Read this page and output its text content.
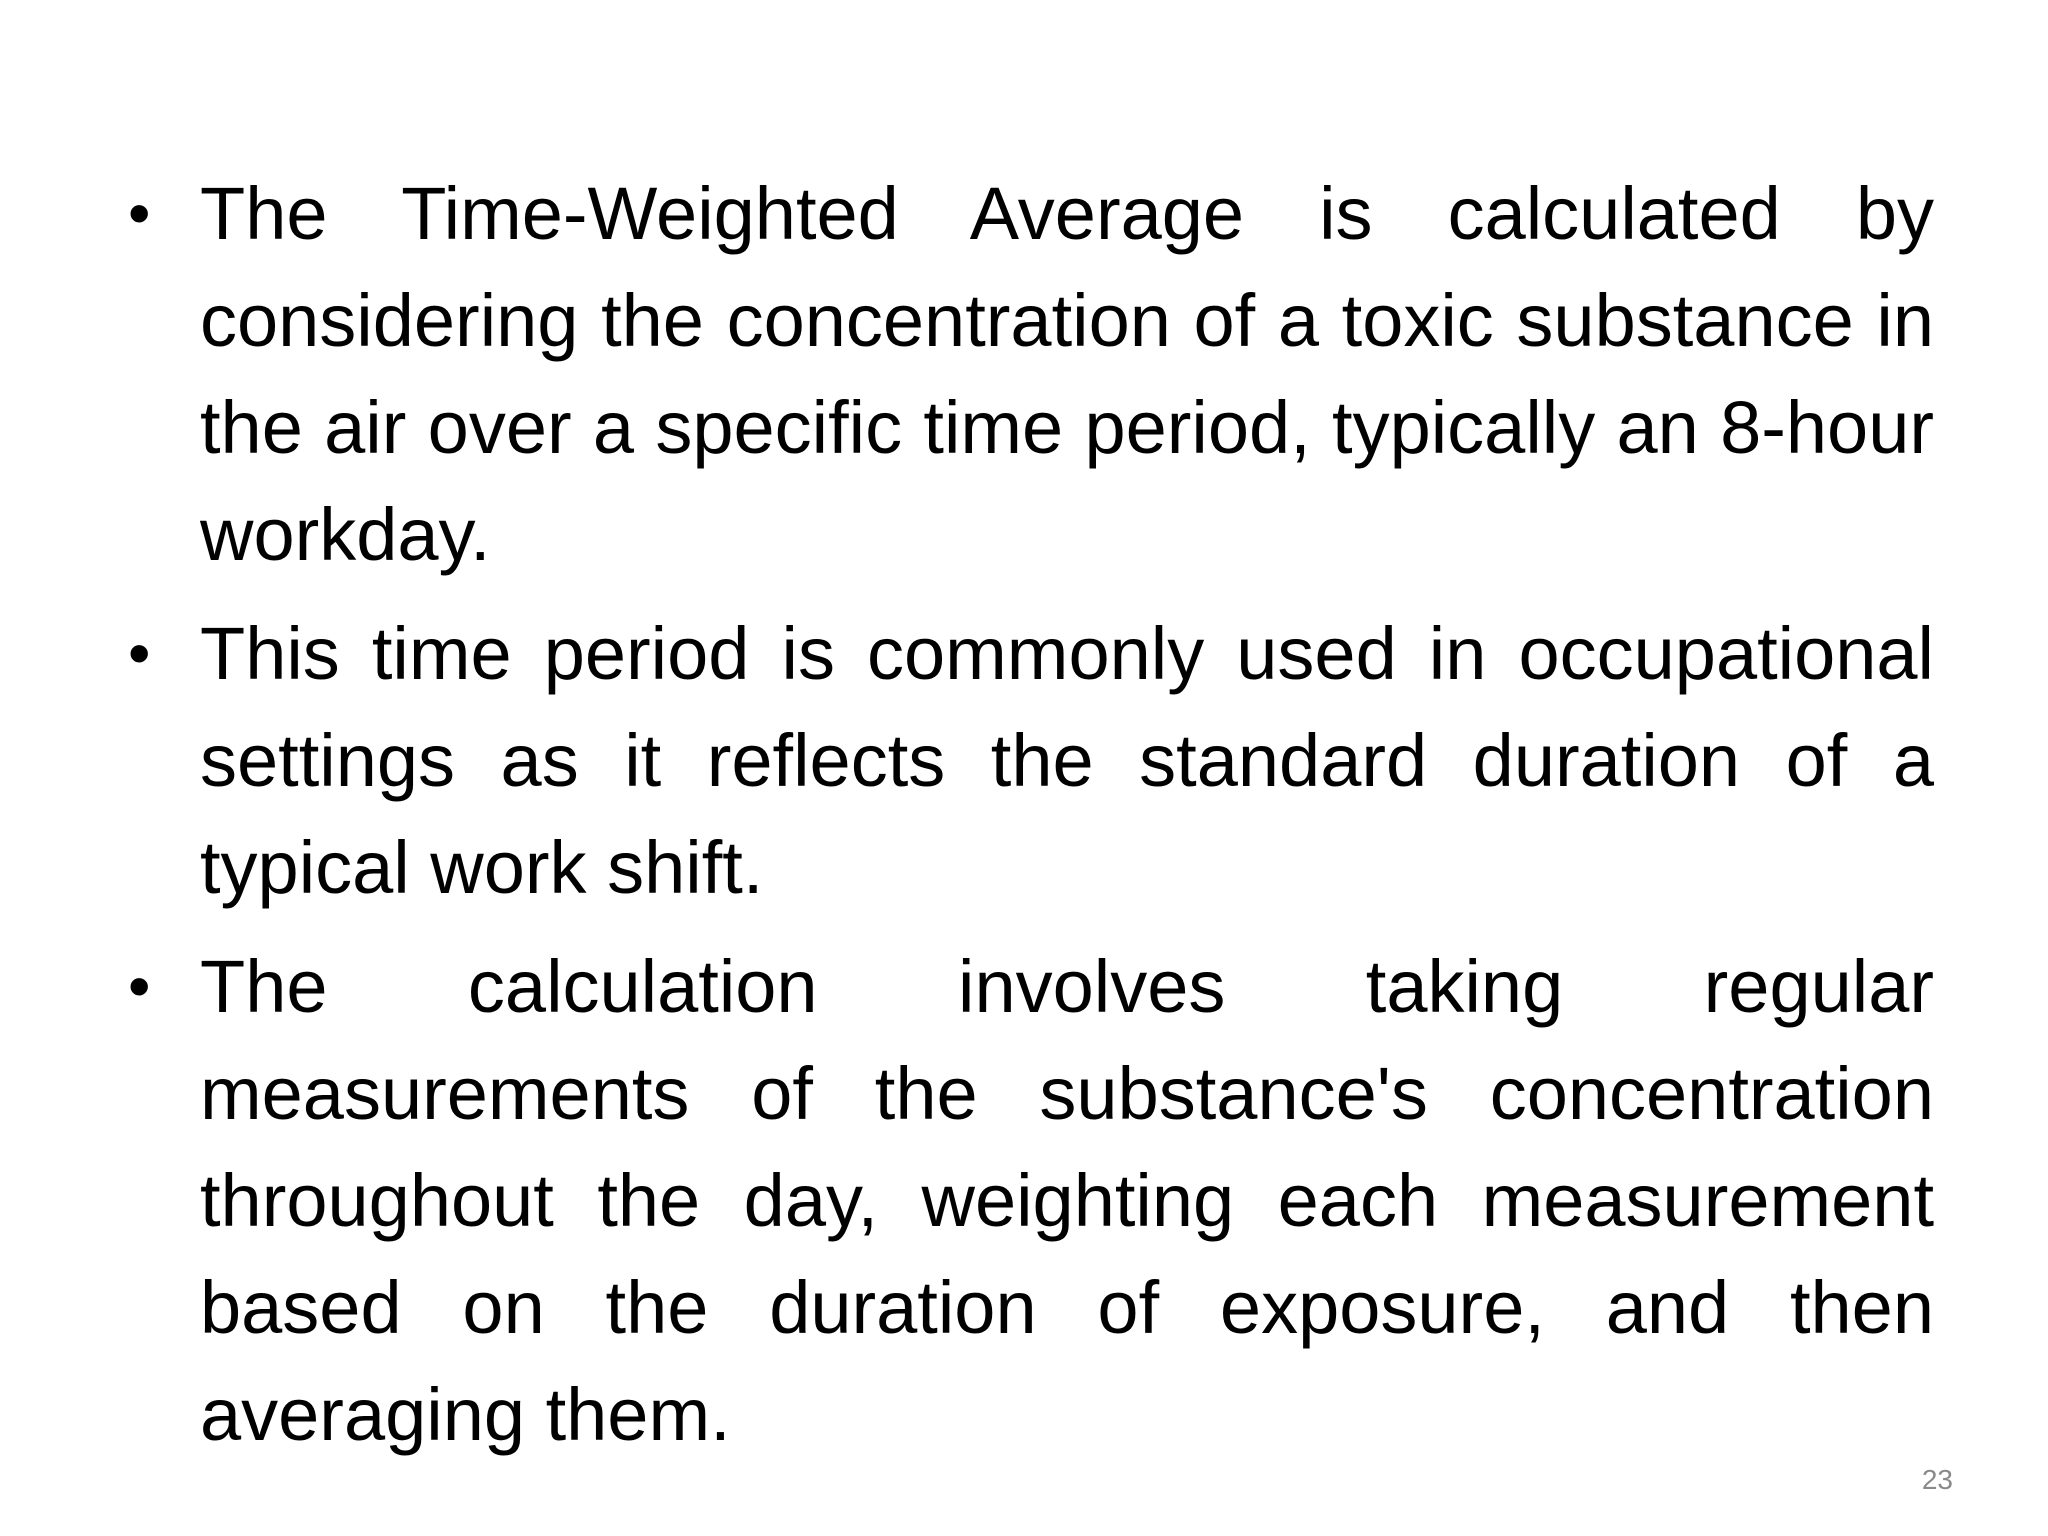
• The Time-Weighted Average is calculated by considering the concentration of a toxic substance in the air over a specific time period, typically an 8-hour workday.
• This time period is commonly used in occupational settings as it reflects the standard duration of a typical work shift.
• The calculation involves taking regular measurements of the substance's concentration throughout the day, weighting each measurement based on the duration of exposure, and then averaging them.
23
